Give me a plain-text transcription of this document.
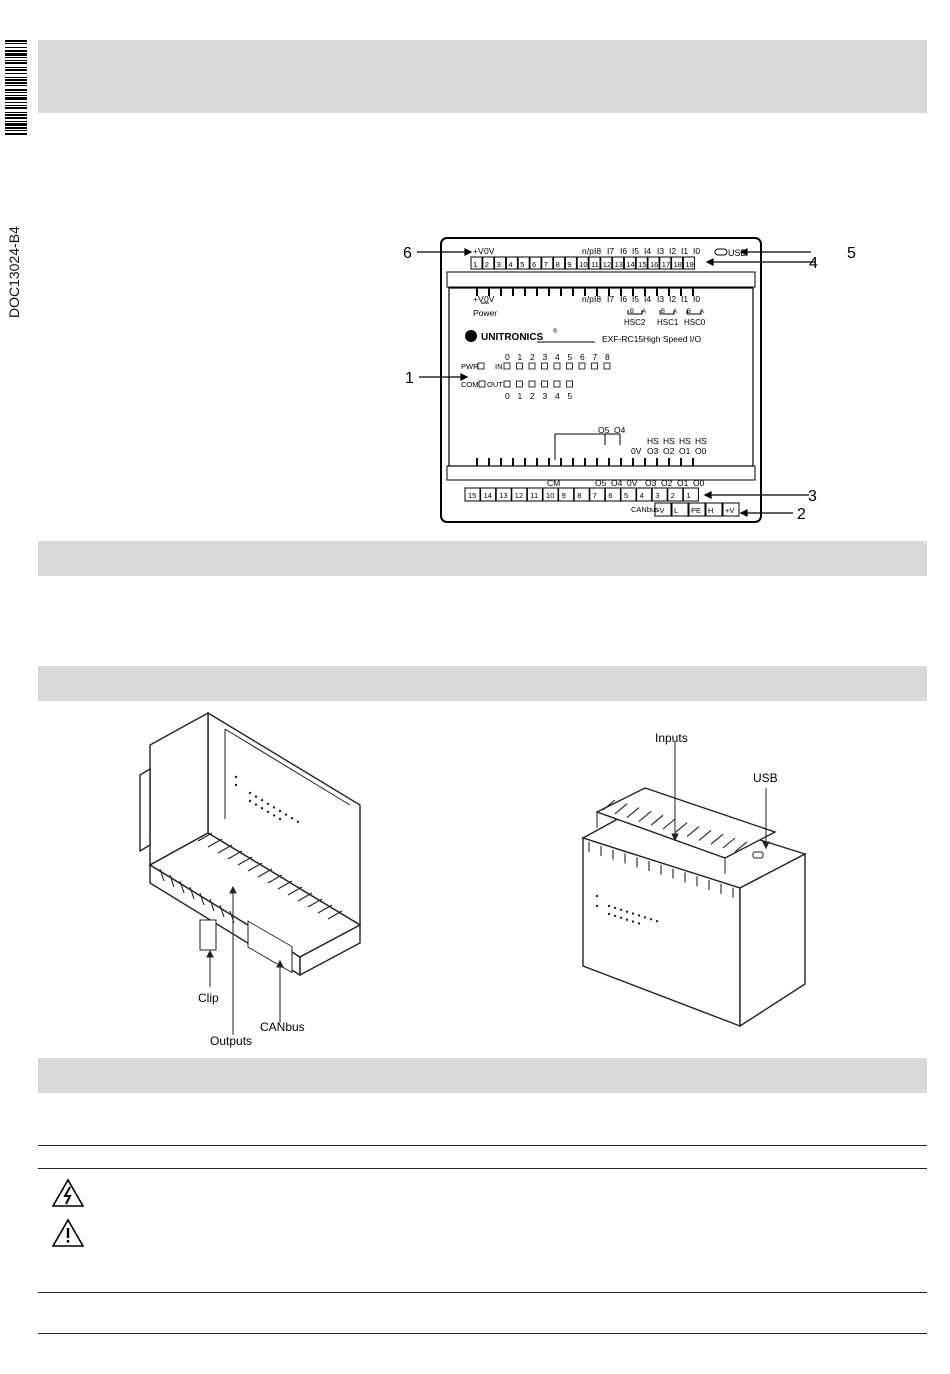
DOC13024-B4	1 2 3 4 5 6 7 8 9 10 11 12 13 14 15 16 17 18 19
15 14 13 12 11 10 9 8 7 6 5 4 3 2 1
-V L PE H +V
6
1
5
4
3
2
+V 0V	n/p I8 I7 I6 I5 I4 I3 I2 I1 I0
+V 0V	n/p I8 I7 I6 I5 I4 I3 I2 I1 I0
B A B A B A
HSC2 HSC1 HSC0
0 1 2 3 4 5 6 7 8
0 1 2 3 4 5
O5 O4
0V O3 O2 O1 O0
HS HS HS HS
O5 O4 0V O3 O2 O1 O0
USB
Power
UNITRONICS ®
EXF-RC15 High Speed I/O
PWR IN
COM OUT
CM
CANbus
Clip
Outputs
CANbus
Inputs
USB
